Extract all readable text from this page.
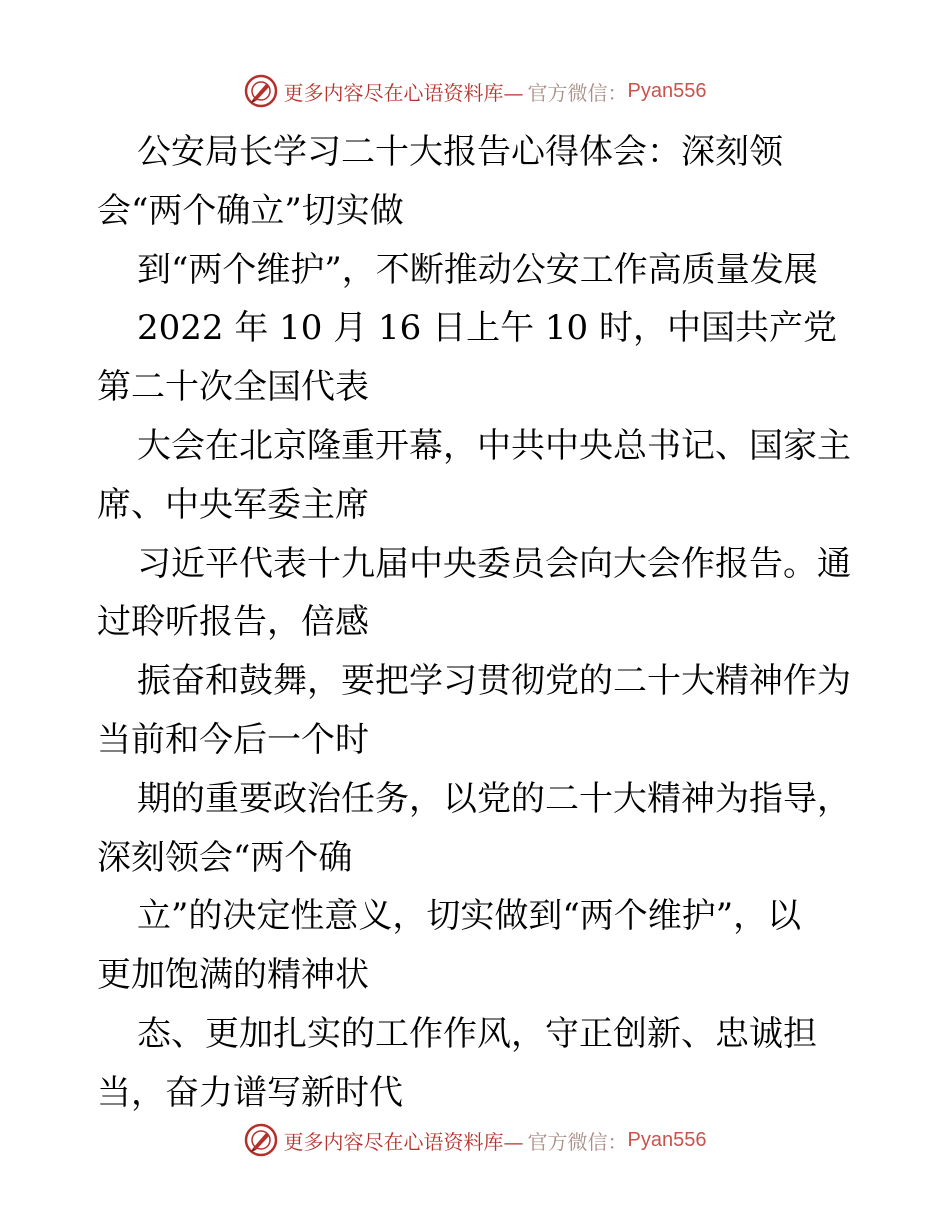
更多内容尽在心语资料库— 官方微信： Pyan556
公安局长学习二十大报告心得体会：深刻领
会“两个确立”切实做
到“两个维护”，不断推动公安工作高质量发展
2022 年 10 月 16 日上午 10 时，中国共产党
第二十次全国代表
大会在北京隆重开幕，中共中央总书记、国家主
席、中央军委主席
习近平代表十九届中央委员会向大会作报告。通
过聆听报告，倍感
振奋和鼓舞，要把学习贯彻党的二十大精神作为
当前和今后一个时
期的重要政治任务，以党的二十大精神为指导，
深刻领会“两个确
立”的决定性意义，切实做到“两个维护”，以
更加饱满的精神状
态、更加扎实的工作作风，守正创新、忠诚担
当，奋力谱写新时代
更多内容尽在心语资料库— 官方微信： Pyan556
